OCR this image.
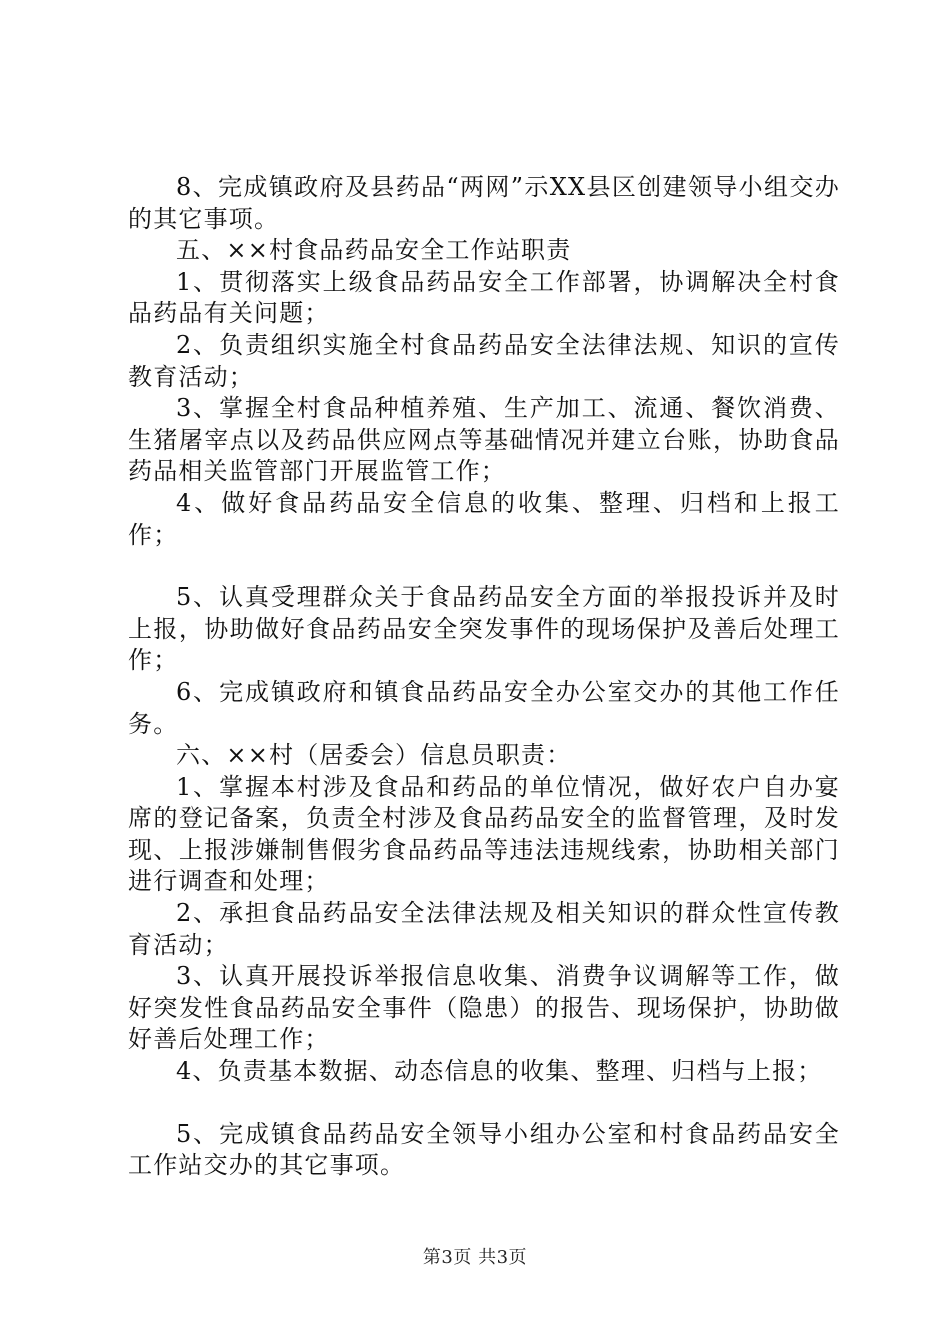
8、完成镇政府及县药品“两网”示XX县区创建领导小组交办的其它事项。

五、××村食品药品安全工作站职责

1、贯彻落实上级食品药品安全工作部署，协调解决全村食品药品有关问题；

2、负责组织实施全村食品药品安全法律法规、知识的宣传教育活动；

3、掌握全村食品种植养殖、生产加工、流通、餐饮消费、生猪屠宰点以及药品供应网点等基础情况并建立台账，协助食品药品相关监管部门开展监管工作；

4、做好食品药品安全信息的收集、整理、归档和上报工作；

5、认真受理群众关于食品药品安全方面的举报投诉并及时上报，协助做好食品药品安全突发事件的现场保护及善后处理工作；

6、完成镇政府和镇食品药品安全办公室交办的其他工作任务。

六、××村（居委会）信息员职责：

1、掌握本村涉及食品和药品的单位情况，做好农户自办宴席的登记备案，负责全村涉及食品药品安全的监督管理，及时发现、上报涉嫌制售假劣食品药品等违法违规线索，协助相关部门进行调查和处理；

2、承担食品药品安全法律法规及相关知识的群众性宣传教育活动；

3、认真开展投诉举报信息收集、消费争议调解等工作，做好突发性食品药品安全事件（隐患）的报告、现场保护，协助做好善后处理工作；

4、负责基本数据、动态信息的收集、整理、归档与上报；

5、完成镇食品药品安全领导小组办公室和村食品药品安全工作站交办的其它事项。

第3页 共3页
